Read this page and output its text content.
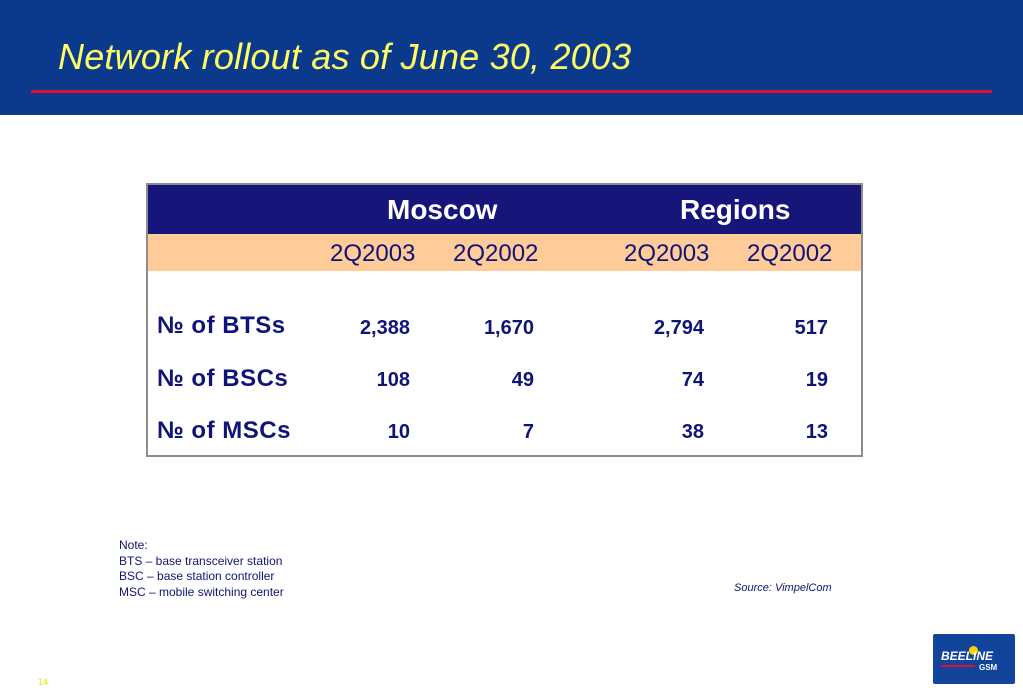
Network rollout as of June 30, 2003
Moscow	Regions
2Q2003 2Q2002	2Q2003 2Q2002
№ of BTSs	2,388	1,670	2,794	517
№ of BSCs	108	49	74	19
№ of MSCs	10	7	38	13
Note:
BTS – base transceiver station
BSC – base station controller
MSC – mobile switching center	Source: VimpelCom
14
BEELINE
GSM
